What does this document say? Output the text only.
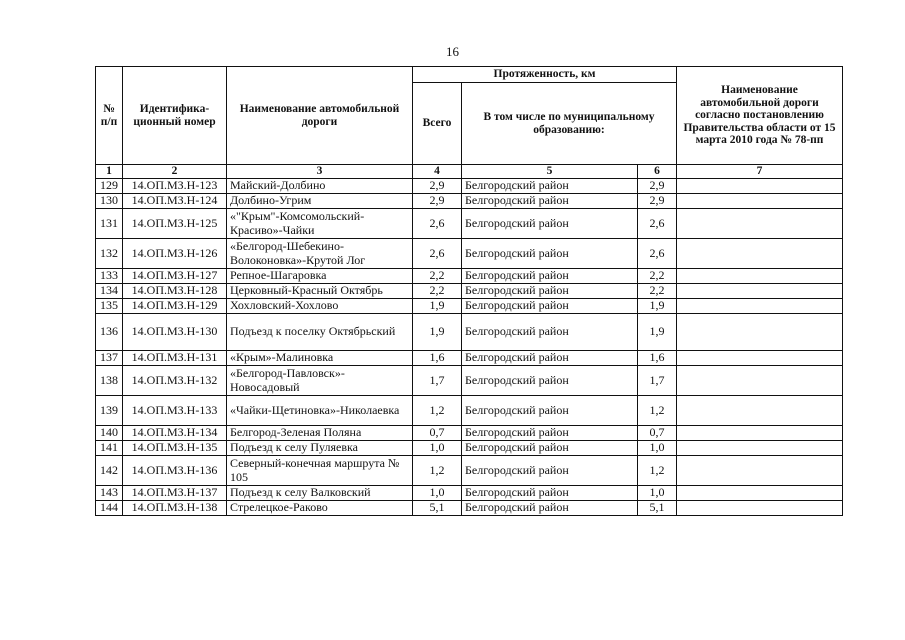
16
№ п/п	Идентифика-ционный номер	Наименование автомобильной дороги	Протяженность, км			Наименование автомобильной дороги согласно постановлению Правительства области от 15 марта 2010 года № 78-пп
			Всего	В том числе по муниципальному образованию:		
1	2	3	4	5	6	7
129	14.ОП.МЗ.Н-123	Майский-Долбино	2,9	Белгородский район	2,9	
130	14.ОП.МЗ.Н-124	Долбино-Угрим	2,9	Белгородский район	2,9	
131	14.ОП.МЗ.Н-125	«"Крым"-Комсомольский-Красиво»-Чайки	2,6	Белгородский район	2,6	
132	14.ОП.МЗ.Н-126	«Белгород-Шебекино-Волоконовка»-Крутой Лог	2,6	Белгородский район	2,6	
133	14.ОП.МЗ.Н-127	Репное-Шагаровка	2,2	Белгородский район	2,2	
134	14.ОП.МЗ.Н-128	Церковный-Красный Октябрь	2,2	Белгородский район	2,2	
135	14.ОП.МЗ.Н-129	Хохловский-Хохлово	1,9	Белгородский район	1,9	
136	14.ОП.МЗ.Н-130	Подъезд к поселку Октябрьский	1,9	Белгородский район	1,9	
137	14.ОП.МЗ.Н-131	«Крым»-Малиновка	1,6	Белгородский район	1,6	
138	14.ОП.МЗ.Н-132	«Белгород-Павловск»-Новосадовый	1,7	Белгородский район	1,7	
139	14.ОП.МЗ.Н-133	«Чайки-Щетиновка»-Николаевка	1,2	Белгородский район	1,2	
140	14.ОП.МЗ.Н-134	Белгород-Зеленая Поляна	0,7	Белгородский район	0,7	
141	14.ОП.МЗ.Н-135	Подъезд к селу Пуляевка	1,0	Белгородский район	1,0	
142	14.ОП.МЗ.Н-136	Северный-конечная маршрута № 105	1,2	Белгородский район	1,2	
143	14.ОП.МЗ.Н-137	Подъезд к селу Валковский	1,0	Белгородский район	1,0	
144	14.ОП.МЗ.Н-138	Стрелецкое-Раково	5,1	Белгородский район	5,1	
